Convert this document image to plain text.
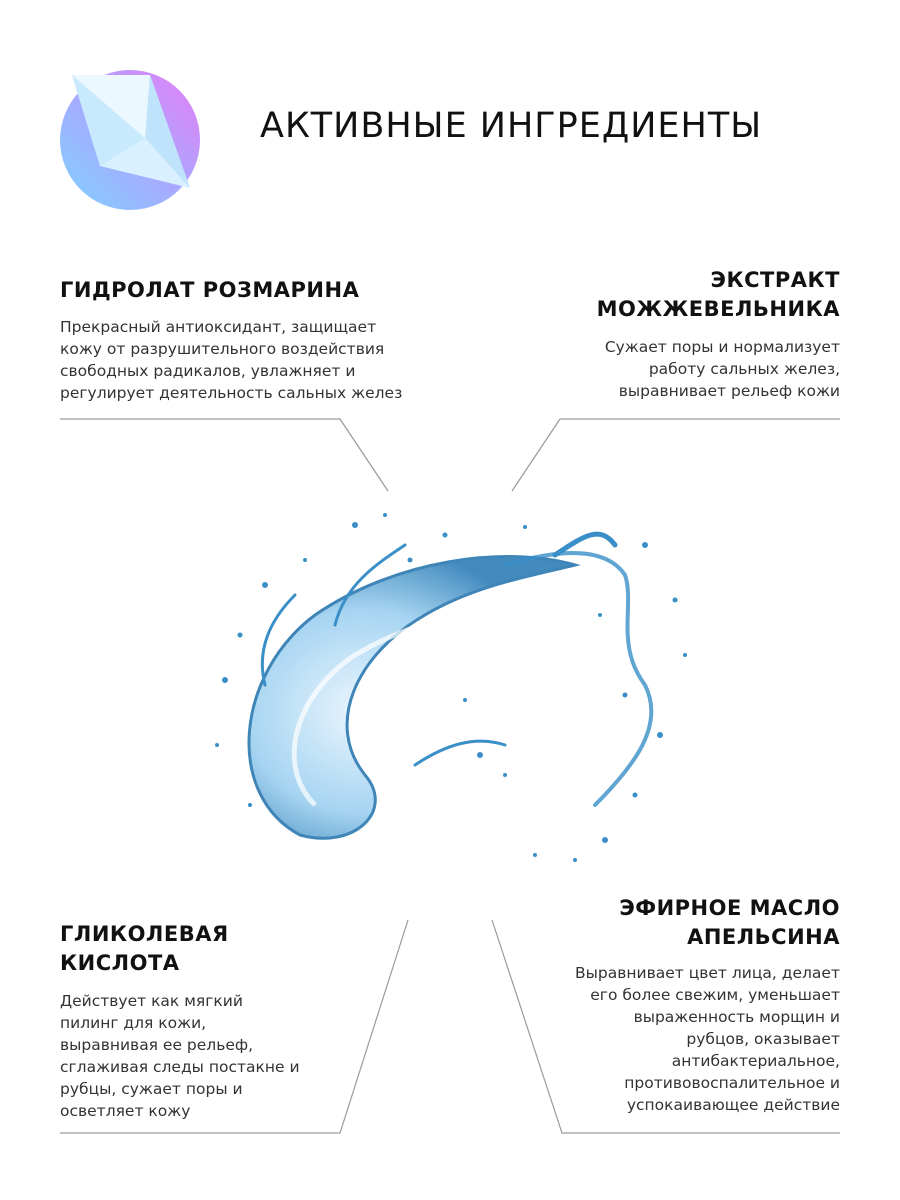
АКТИВНЫЕ ИНГРЕДИЕНТЫ
ГИДРОЛАТ РОЗМАРИНА
Прекрасный антиоксидант, защищает
кожу от разрушительного воздействия
свободных радикалов, увлажняет и
регулирует деятельность сальных желез
ЭКСТРАКТ
МОЖЖЕВЕЛЬНИКА
Сужает поры и нормализует
работу сальных желез,
выравнивает рельеф кожи
ГЛИКОЛЕВАЯ
КИСЛОТА
Действует как мягкий
пилинг для кожи,
выравнивая ее рельеф,
сглаживая следы постакне и
рубцы, сужает поры и
осветляет кожу
ЭФИРНОЕ МАСЛО
АПЕЛЬСИНА
Выравнивает цвет лица, делает
его более свежим, уменьшает
выраженность морщин и
рубцов, оказывает
антибактериальное,
противовоспалительное и
успокаивающее действие
